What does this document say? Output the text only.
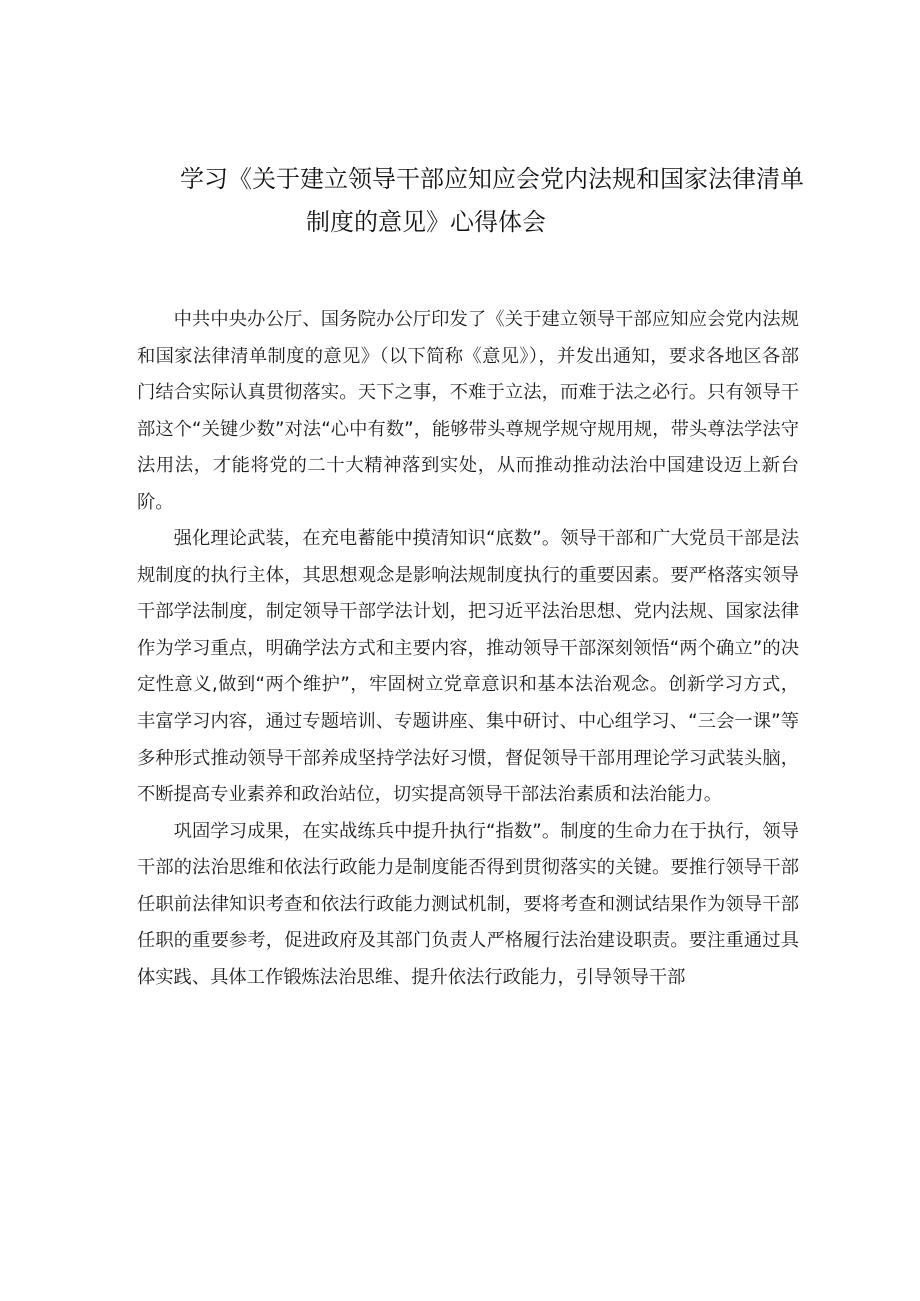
学习《关于建立领导干部应知应会党内法规和国家法律清单
制度的意见》心得体会

中共中央办公厅、国务院办公厅印发了《关于建立领导干部应知应会党内法规和国家法律清单制度的意见》（以下简称《意见》），并发出通知，要求各地区各部门结合实际认真贯彻落实。天下之事，不难于立法，而难于法之必行。只有领导干部这个“关键少数”对法“心中有数”，能够带头尊规学规守规用规，带头尊法学法守法用法，才能将党的二十大精神落到实处，从而推动推动法治中国建设迈上新台阶。

强化理论武装，在充电蓄能中摸清知识“底数”。领导干部和广大党员干部是法规制度的执行主体，其思想观念是影响法规制度执行的重要因素。要严格落实领导干部学法制度，制定领导干部学法计划，把习近平法治思想、党内法规、国家法律作为学习重点，明确学法方式和主要内容，推动领导干部深刻领悟“两个确立”的决定性意义,做到“两个维护”，牢固树立党章意识和基本法治观念。创新学习方式，丰富学习内容，通过专题培训、专题讲座、集中研讨、中心组学习、“三会一课”等多种形式推动领导干部养成坚持学法好习惯，督促领导干部用理论学习武装头脑，不断提高专业素养和政治站位，切实提高领导干部法治素质和法治能力。

巩固学习成果，在实战练兵中提升执行“指数”。制度的生命力在于执行，领导干部的法治思维和依法行政能力是制度能否得到贯彻落实的关键。要推行领导干部任职前法律知识考查和依法行政能力测试机制，要将考查和测试结果作为领导干部任职的重要参考，促进政府及其部门负责人严格履行法治建设职责。要注重通过具体实践、具体工作锻炼法治思维、提升依法行政能力，引导领导干部
